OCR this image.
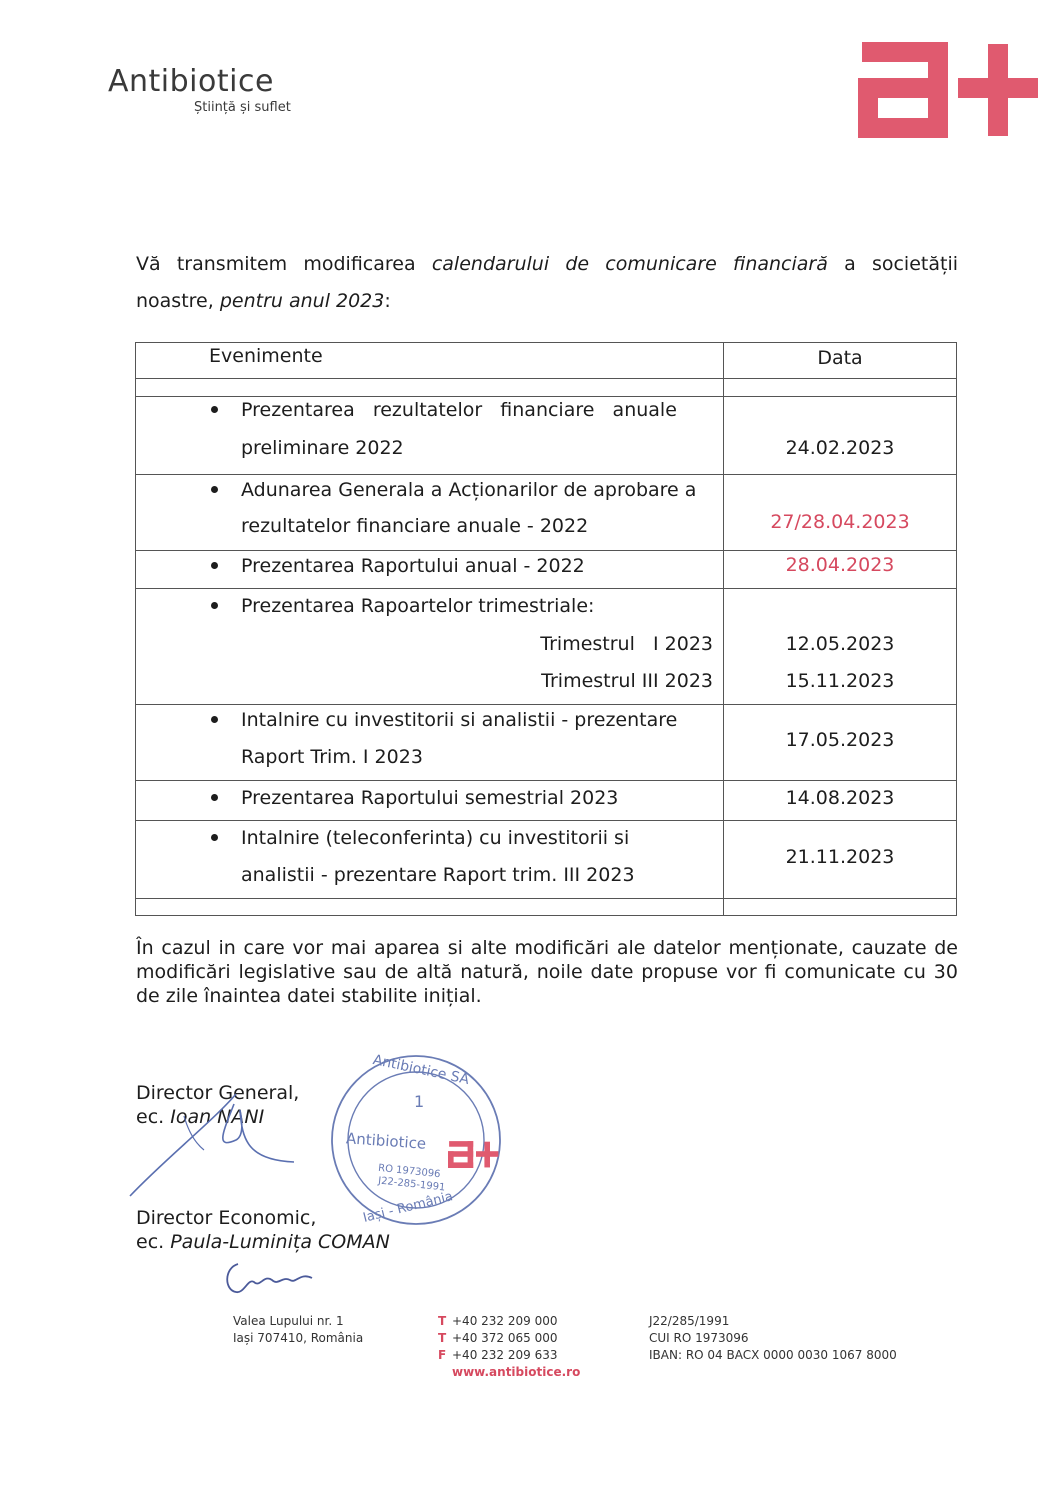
Antibiotice
Știință și suflet
Vă transmitem modificarea calendarului de comunicare financiară a societății noastre, pentru anul 2023:
Evenimente	Data
Prezentarea   rezultatelor   financiare   anuale
preliminare 2022	24.02.2023
Adunarea Generala a Acționarilor de aprobare a
rezultatelor financiare anuale - 2022	27/28.04.2023
Prezentarea Raportului anual - 2022	28.04.2023
Prezentarea Rapoartelor trimestriale:
Trimestrul   I 2023	12.05.2023
Trimestrul III 2023	15.11.2023
Intalnire cu investitorii si analistii - prezentare
Raport Trim. I 2023
17.05.2023
Prezentarea Raportului semestrial 2023	14.08.2023
Intalnire (teleconferinta) cu investitorii si
analistii - prezentare Raport trim. III 2023
21.11.2023
În cazul in care vor mai aparea si alte modificări ale datelor menționate, cauzate de modificări legislative sau de altă natură, noile date propuse vor fi comunicate cu 30 de zile înaintea datei stabilite inițial.
Director General,
ec. Ioan NANI
Director Economic,
ec. Paula-Luminița COMAN
Antibiotice SA
1
Antibiotice
RO 1973096
J22-285-1991
Iași - România
Valea Lupului nr. 1
Iași 707410, România
T +40 232 209 000
T +40 372 065 000
F +40 232 209 633
www.antibiotice.ro
J22/285/1991
CUI RO 1973096
IBAN: RO 04 BACX 0000 0030 1067 8000
